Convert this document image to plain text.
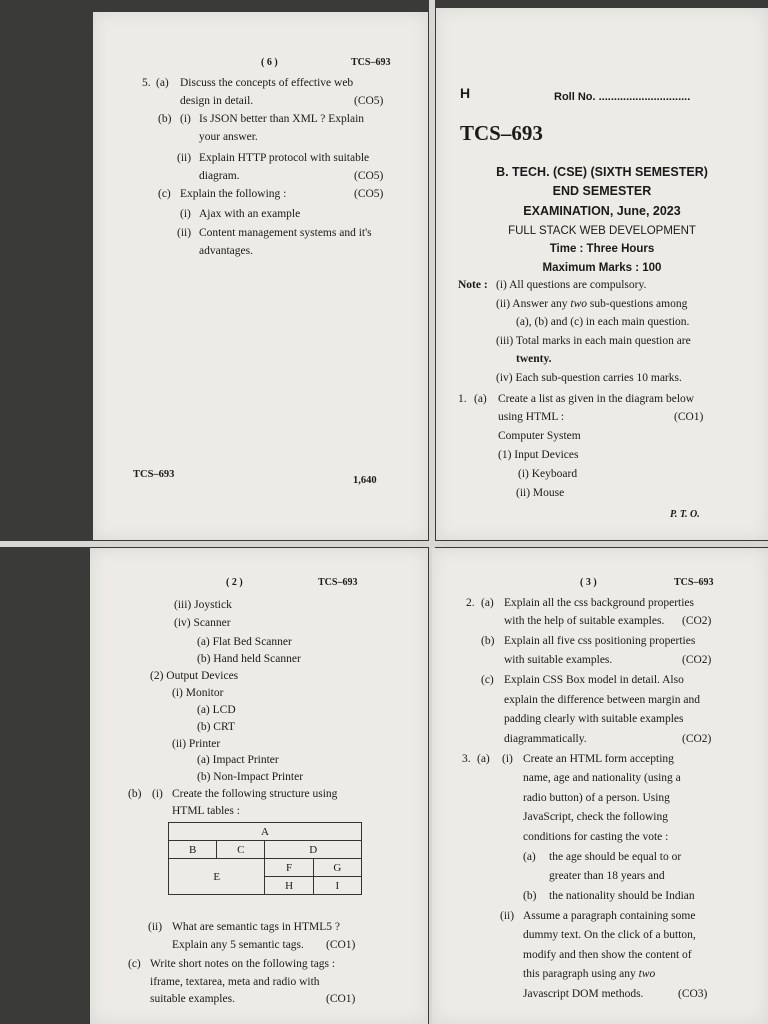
( 6 )	TCS–693
5. (a) Discuss the concepts of effective web
design in detail.	(CO5)
(b) (i) Is JSON better than XML ? Explain
your answer.
(ii) Explain HTTP protocol with suitable
diagram.	(CO5)
(c) Explain the following :	(CO5)
(i) Ajax with an example
(ii) Content management systems and it's
advantages.
TCS–693
1,640
H	Roll No. ..............................
TCS–693
B. TECH. (CSE) (SIXTH SEMESTER)
END SEMESTER
EXAMINATION, June, 2023
FULL STACK WEB DEVELOPMENT
Time : Three Hours
Maximum Marks : 100
Note : (i) All questions are compulsory.
(ii) Answer any two sub-questions among
(a), (b) and (c) in each main question.
(iii) Total marks in each main question are
twenty.
(iv) Each sub-question carries 10 marks.
1. (a) Create a list as given in the diagram below
using HTML :	(CO1)
Computer System
(1) Input Devices
(i) Keyboard
(ii) Mouse
P. T. O.
( 2 )	TCS–693
(iii) Joystick
(iv) Scanner
(a) Flat Bed Scanner
(b) Hand held Scanner
(2) Output Devices
(i) Monitor
(a) LCD
(b) CRT
(ii) Printer
(a) Impact Printer
(b) Non-Impact Printer
(b) (i) Create the following structure using
HTML tables :
A			
B	C	D	
E		F	G
		H	I
(ii) What are semantic tags in HTML5 ?
Explain any 5 semantic tags. (CO1)
(c) Write short notes on the following tags :
iframe, textarea, meta and radio with
suitable examples.	(CO1)
( 3 )	TCS–693
2. (a) Explain all the css background properties
with the help of suitable examples. (CO2)
(b) Explain all five css positioning properties
with suitable examples.	(CO2)
(c) Explain CSS Box model in detail. Also
explain the difference between margin and
padding clearly with suitable examples
diagrammatically.	(CO2)
3. (a) (i) Create an HTML form accepting
name, age and nationality (using a
radio button) of a person. Using
JavaScript, check the following
conditions for casting the vote :
(a) the age should be equal to or
greater than 18 years and
(b) the nationality should be Indian
(ii) Assume a paragraph containing some
dummy text. On the click of a button,
modify and then show the content of
this paragraph using any two
Javascript DOM methods.	(CO3)
